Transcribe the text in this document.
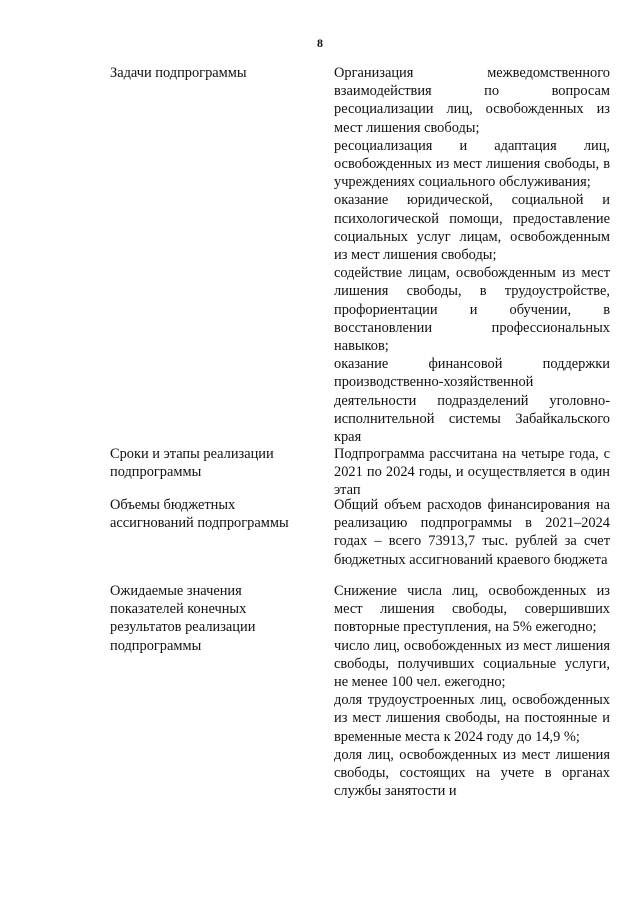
8
Задачи подпрограммы	Организация межведомственного взаимодействия по вопросам ресоциализации лиц, освобожденных из мест лишения свободы;
ресоциализация и адаптация лиц, освобожденных из мест лишения свободы, в учреждениях социального обслуживания;
оказание юридической, социальной и психологической помощи, предоставление социальных услуг лицам, освобожденным из мест лишения свободы;
содействие лицам, освобожденным из мест лишения свободы, в трудоустройстве, профориентации и обучении, в восстановлении профессиональных навыков;
оказание финансовой поддержки производственно-хозяйственной деятельности подразделений уголовно-исполнительной системы Забайкальского края
Сроки и этапы реализации подпрограммы
Подпрограмма рассчитана на четыре года, с 2021 по 2024 годы, и осуществляется в один этап
Объемы бюджетных ассигнований подпрограммы
Общий объем расходов финансирования на реализацию подпрограммы в 2021–2024 годах – всего 73913,7 тыс. рублей за счет бюджетных ассигнований краевого бюджета
Ожидаемые значения показателей конечных результатов реализации подпрограммы
Снижение числа лиц, освобожденных из мест лишения свободы, совершивших повторные преступления, на 5% ежегодно;
число лиц, освобожденных из мест лишения свободы, получивших социальные услуги, не менее 100 чел. ежегодно;
доля трудоустроенных лиц, освобожденных из мест лишения свободы, на постоянные и временные места к 2024 году до 14,9 %;
доля лиц, освобожденных из мест лишения свободы, состоящих на учете в органах службы занятости и
